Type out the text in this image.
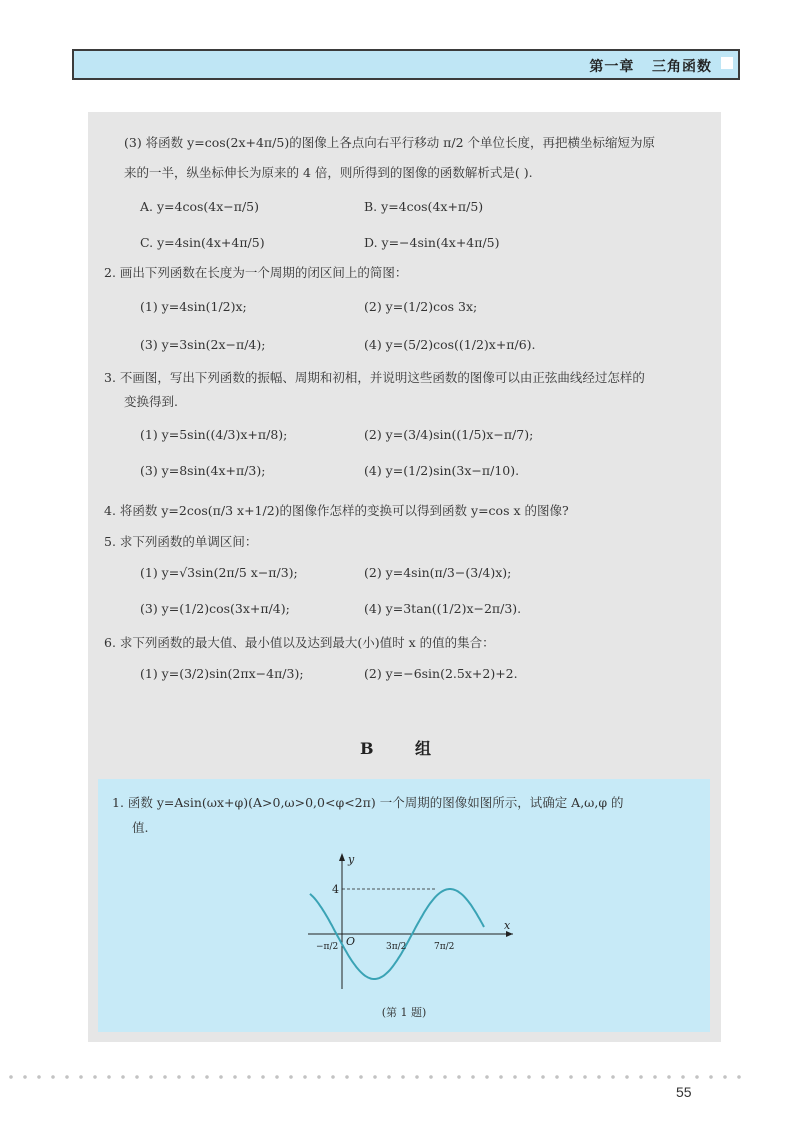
第一章   三角函数
(3) 将函数 y=cos(2x+4π/5)的图像上各点向右平行移动 π/2 个单位长度，再把横坐标缩短为原
来的一半，纵坐标伸长为原来的 4 倍，则所得到的图像的函数解析式是( ).
A. y=4cos(4x−π/5)	B. y=4cos(4x+π/5)
C. y=4sin(4x+4π/5)	D. y=−4sin(4x+4π/5)
2. 画出下列函数在长度为一个周期的闭区间上的简图：
(1) y=4sin(1/2)x;	(2) y=(1/2)cos 3x;
(3) y=3sin(2x−π/4);	(4) y=(5/2)cos((1/2)x+π/6).
3. 不画图，写出下列函数的振幅、周期和初相，并说明这些函数的图像可以由正弦曲线经过怎样的
变换得到.
(1) y=5sin((4/3)x+π/8);	(2) y=(3/4)sin((1/5)x−π/7);
(3) y=8sin(4x+π/3);	(4) y=(1/2)sin(3x−π/10).
4. 将函数 y=2cos(π/3 x+1/2)的图像作怎样的变换可以得到函数 y=cos x 的图像?
5. 求下列函数的单调区间：
(1) y=√3sin(2π/5 x−π/3);	(2) y=4sin(π/3−(3/4)x);
(3) y=(1/2)cos(3x+π/4);	(4) y=3tan((1/2)x−2π/3).
6. 求下列函数的最大值、最小值以及达到最大(小)值时 x 的值的集合：
(1) y=(3/2)sin(2πx−4π/3);	(2) y=−6sin(2.5x+2)+2.
B 组
1. 函数 y=Asin(ωx+φ)(A>0,ω>0,0<φ<2π) 一个周期的图像如图所示，试确定 A,ω,φ 的
值.
y
x
O
4
−π/2	3π/2	7π/2
(第 1 题)
55
